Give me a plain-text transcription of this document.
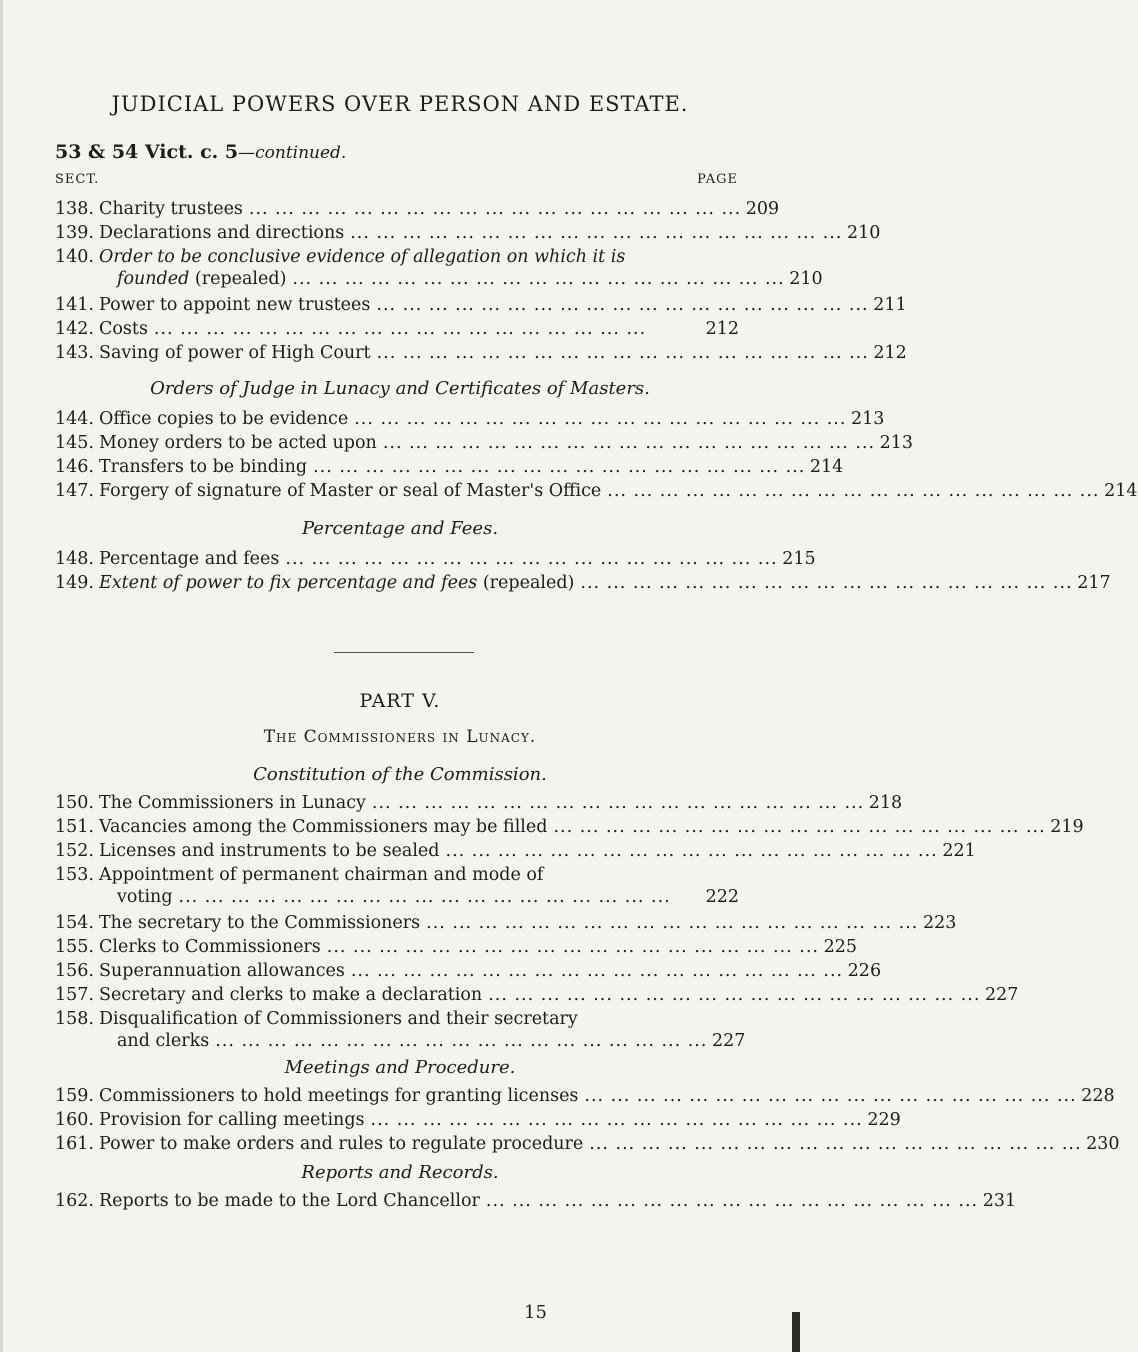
JUDICIAL POWERS OVER PERSON AND ESTATE.
53 & 54 Vict. c. 5—continued.
SECT.	PAGE
138. Charity trustees ... ... ... ... ... ... ... ... ... ... ... ... ... ... ... ... ... ... ... 209
139. Declarations and directions ... ... ... ... ... ... ... ... ... ... ... ... ... ... ... ... ... ... ... 210
140. Order to be conclusive evidence of allegation on which it is
founded (repealed) ... ... ... ... ... ... ... ... ... ... ... ... ... ... ... ... ... ... ... 210
141. Power to appoint new trustees ... ... ... ... ... ... ... ... ... ... ... ... ... ... ... ... ... ... ... 211
142. Costs ... ... ... ... ... ... ... ... ... ... ... ... ... ... ... ... ... ... ...	212
143. Saving of power of High Court ... ... ... ... ... ... ... ... ... ... ... ... ... ... ... ... ... ... ... 212
Orders of Judge in Lunacy and Certificates of Masters.
144. Office copies to be evidence ... ... ... ... ... ... ... ... ... ... ... ... ... ... ... ... ... ... ... 213
145. Money orders to be acted upon ... ... ... ... ... ... ... ... ... ... ... ... ... ... ... ... ... ... ... 213
146. Transfers to be binding ... ... ... ... ... ... ... ... ... ... ... ... ... ... ... ... ... ... ... 214
147. Forgery of signature of Master or seal of Master's Office ... ... ... ... ... ... ... ... ... ... ... ... ... ... ... ... ... ... ... 214
Percentage and Fees.
148. Percentage and fees ... ... ... ... ... ... ... ... ... ... ... ... ... ... ... ... ... ... ... 215
149. Extent of power to fix percentage and fees (repealed) ... ... ... ... ... ... ... ... ... ... ... ... ... ... ... ... ... ... ... 217
PART V.
The Commissioners in Lunacy.
Constitution of the Commission.
150. The Commissioners in Lunacy ... ... ... ... ... ... ... ... ... ... ... ... ... ... ... ... ... ... ... 218
151. Vacancies among the Commissioners may be filled ... ... ... ... ... ... ... ... ... ... ... ... ... ... ... ... ... ... ... 219
152. Licenses and instruments to be sealed ... ... ... ... ... ... ... ... ... ... ... ... ... ... ... ... ... ... ... 221
153. Appointment of permanent chairman and mode of
voting ... ... ... ... ... ... ... ... ... ... ... ... ... ... ... ... ... ... ...	222
154. The secretary to the Commissioners ... ... ... ... ... ... ... ... ... ... ... ... ... ... ... ... ... ... ... 223
155. Clerks to Commissioners ... ... ... ... ... ... ... ... ... ... ... ... ... ... ... ... ... ... ... 225
156. Superannuation allowances ... ... ... ... ... ... ... ... ... ... ... ... ... ... ... ... ... ... ... 226
157. Secretary and clerks to make a declaration ... ... ... ... ... ... ... ... ... ... ... ... ... ... ... ... ... ... ... 227
158. Disqualification of Commissioners and their secretary
and clerks ... ... ... ... ... ... ... ... ... ... ... ... ... ... ... ... ... ... ... 227
Meetings and Procedure.
159. Commissioners to hold meetings for granting licenses ... ... ... ... ... ... ... ... ... ... ... ... ... ... ... ... ... ... ... 228
160. Provision for calling meetings ... ... ... ... ... ... ... ... ... ... ... ... ... ... ... ... ... ... ... 229
161. Power to make orders and rules to regulate procedure ... ... ... ... ... ... ... ... ... ... ... ... ... ... ... ... ... ... ... 230
Reports and Records.
162. Reports to be made to the Lord Chancellor ... ... ... ... ... ... ... ... ... ... ... ... ... ... ... ... ... ... ... 231
15
